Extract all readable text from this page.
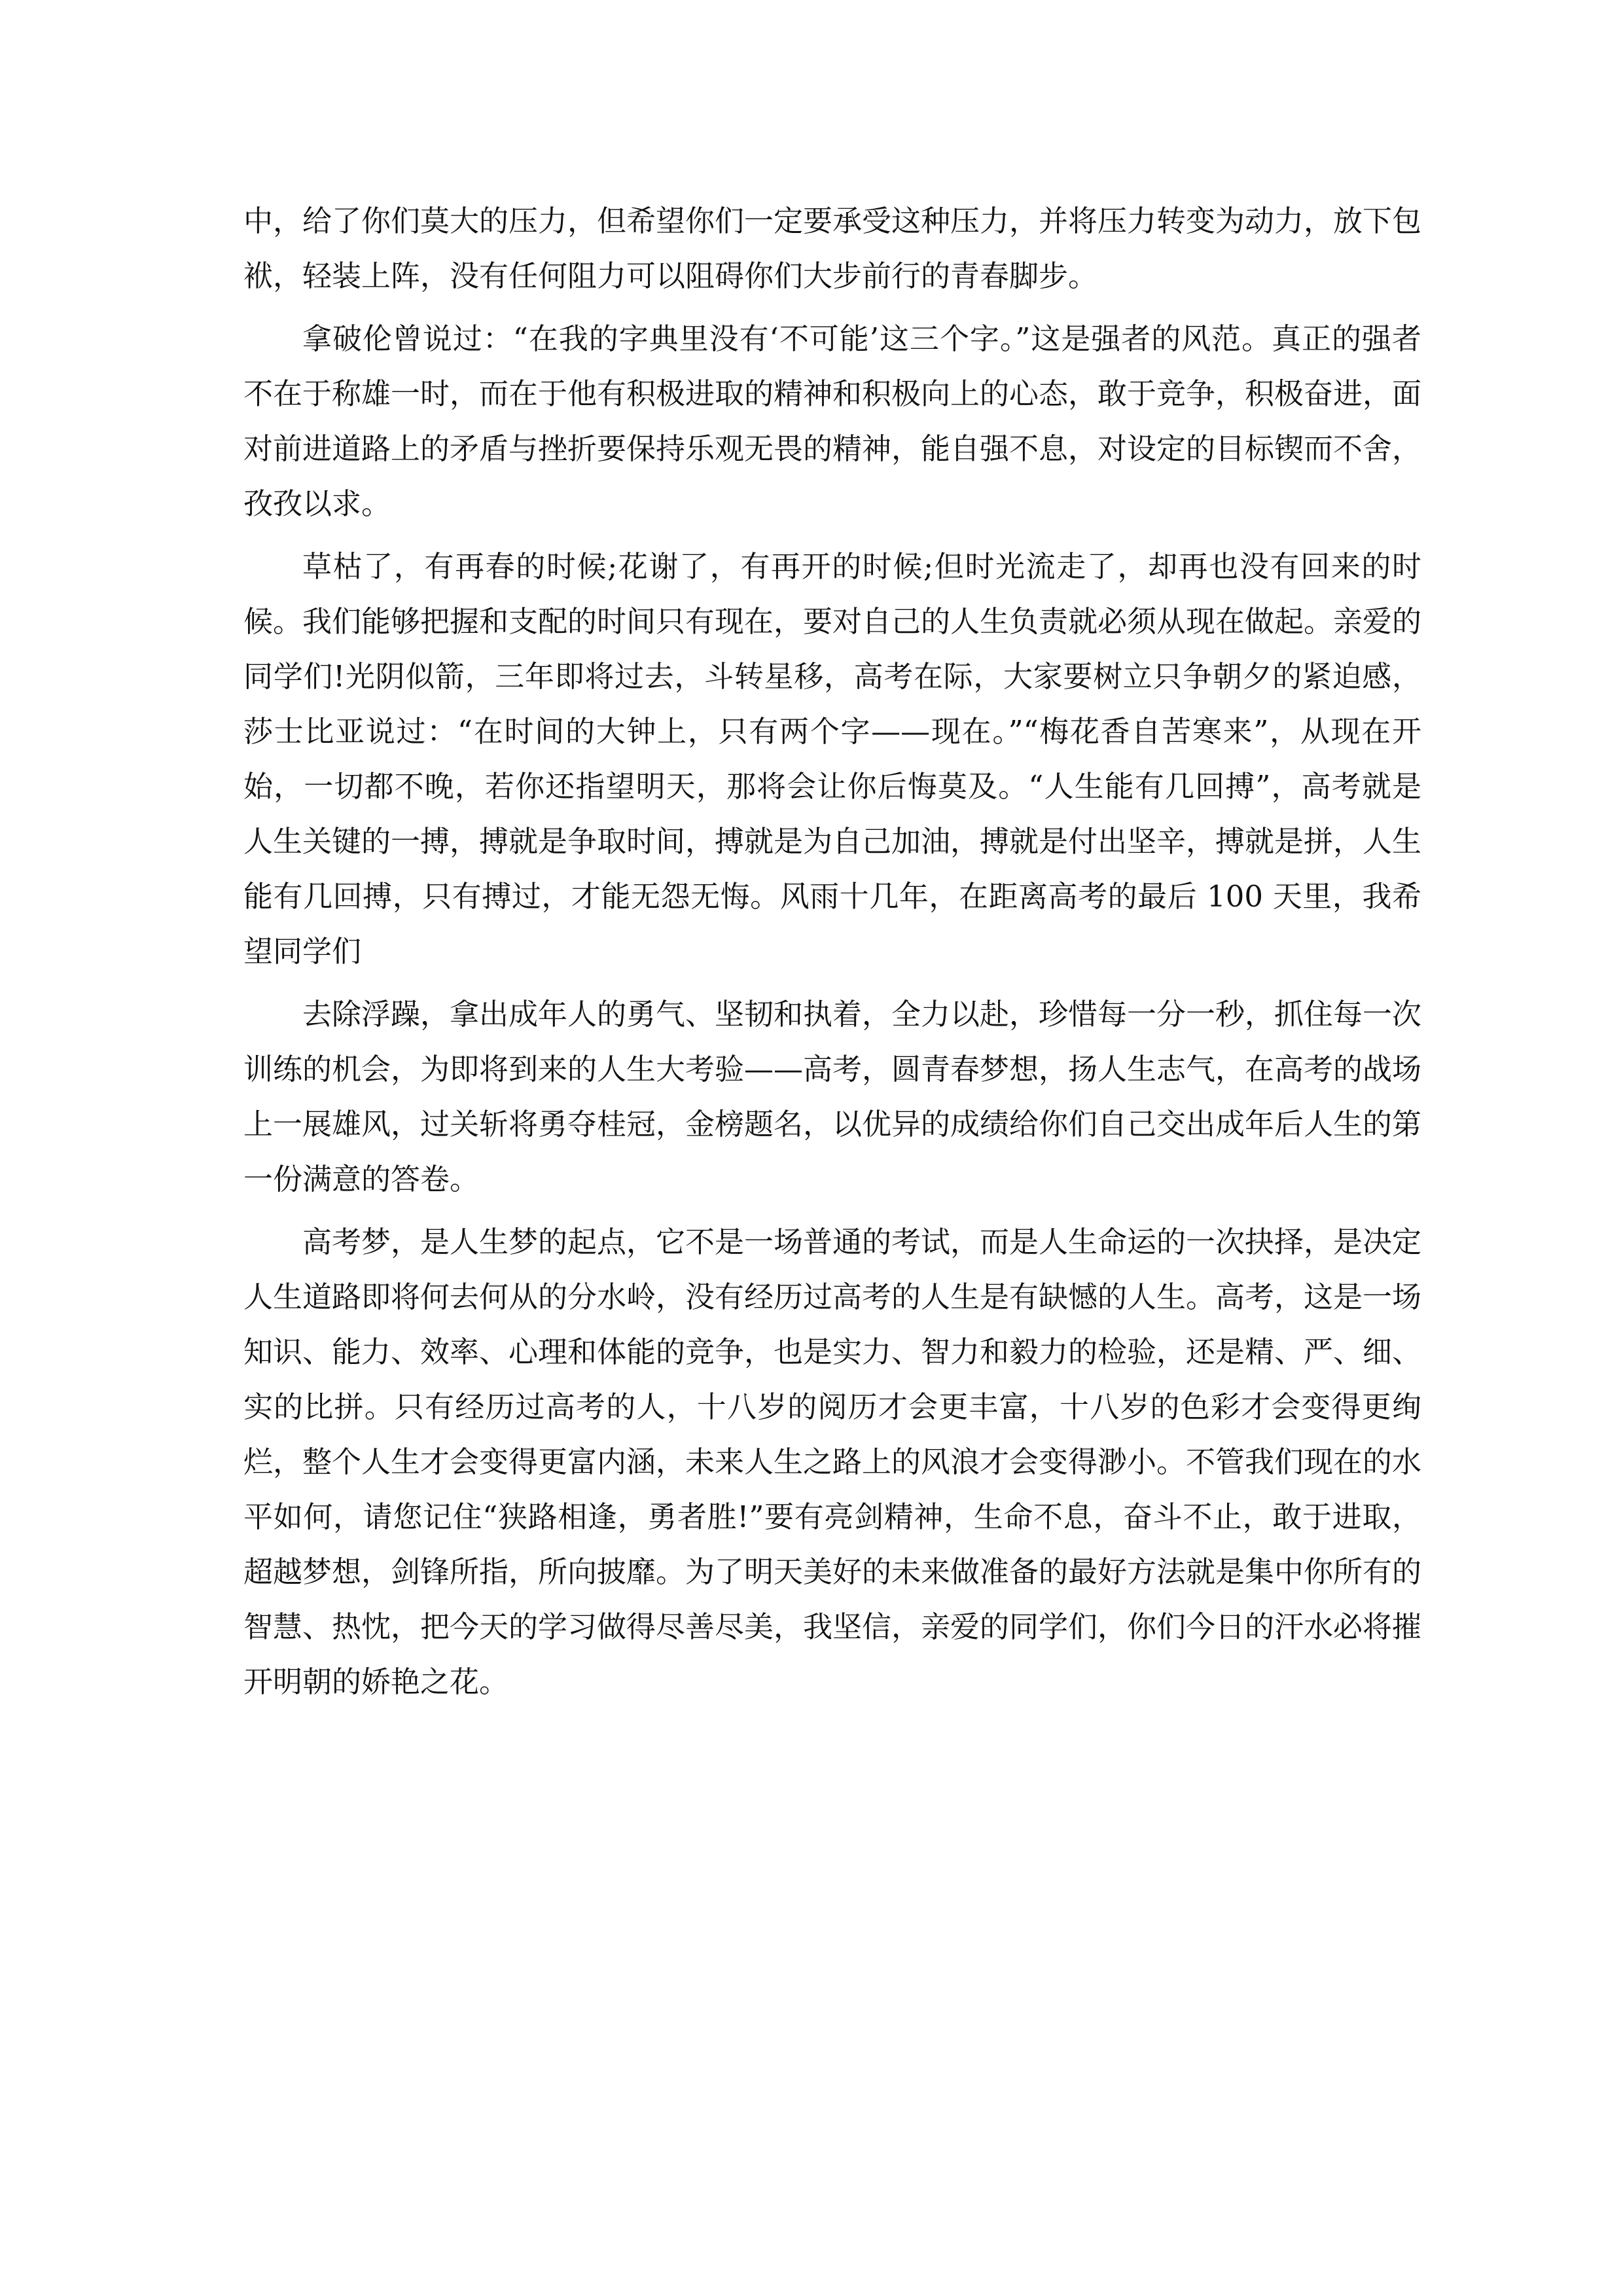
中，给了你们莫大的压力，但希望你们一定要承受这种压力，并将压力转变为动力，放下包袱，轻装上阵，没有任何阻力可以阻碍你们大步前行的青春脚步。

拿破伦曾说过：“在我的字典里没有‘不可能’这三个字。”这是强者的风范。真正的强者不在于称雄一时，而在于他有积极进取的精神和积极向上的心态，敢于竞争，积极奋进，面对前进道路上的矛盾与挫折要保持乐观无畏的精神，能自强不息，对设定的目标锲而不舍，孜孜以求。

草枯了，有再春的时候;花谢了，有再开的时候;但时光流走了，却再也没有回来的时候。我们能够把握和支配的时间只有现在，要对自己的人生负责就必须从现在做起。亲爱的同学们!光阴似箭，三年即将过去，斗转星移，高考在际，大家要树立只争朝夕的紧迫感，莎士比亚说过：“在时间的大钟上，只有两个字——现在。”“梅花香自苦寒来”，从现在开始，一切都不晚，若你还指望明天，那将会让你后悔莫及。“人生能有几回搏”，高考就是人生关键的一搏，搏就是争取时间，搏就是为自己加油，搏就是付出坚辛，搏就是拼，人生能有几回搏，只有搏过，才能无怨无悔。风雨十几年，在距离高考的最后 100 天里，我希望同学们

去除浮躁，拿出成年人的勇气、坚韧和执着，全力以赴，珍惜每一分一秒，抓住每一次训练的机会，为即将到来的人生大考验——高考，圆青春梦想，扬人生志气，在高考的战场上一展雄风，过关斩将勇夺桂冠，金榜题名，以优异的成绩给你们自己交出成年后人生的第一份满意的答卷。

高考梦，是人生梦的起点，它不是一场普通的考试，而是人生命运的一次抉择，是决定人生道路即将何去何从的分水岭，没有经历过高考的人生是有缺憾的人生。高考，这是一场知识、能力、效率、心理和体能的竞争，也是实力、智力和毅力的检验，还是精、严、细、实的比拼。只有经历过高考的人，十八岁的阅历才会更丰富，十八岁的色彩才会变得更绚烂，整个人生才会变得更富内涵，未来人生之路上的风浪才会变得渺小。不管我们现在的水平如何，请您记住“狭路相逢，勇者胜!”要有亮剑精神，生命不息，奋斗不止，敢于进取，超越梦想，剑锋所指，所向披靡。为了明天美好的未来做准备的最好方法就是集中你所有的智慧、热忱，把今天的学习做得尽善尽美，我坚信，亲爱的同学们，你们今日的汗水必将摧开明朝的娇艳之花。
